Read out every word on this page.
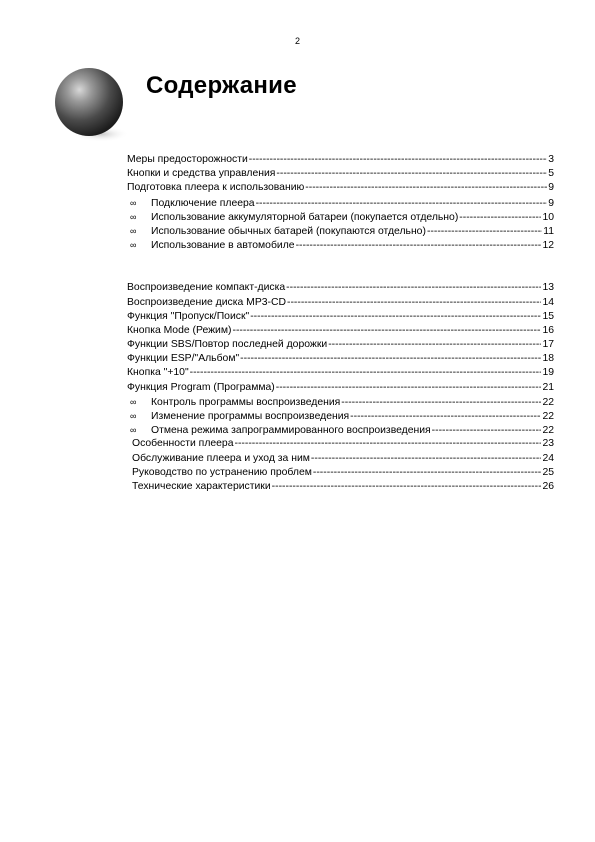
2
Содержание
Меры предосторожности -----	3
Кнопки и средства управления -----	5
Подготовка плеера к использованию -----	9
∞	Подключение плеера -----	9
∞	Использование аккумуляторной батареи (покупается отдельно) -----	10
∞	Использование обычных батарей (покупаются отдельно) -----	11
∞	Использование в автомобиле -----	12
Воспроизведение компакт-диска -----	13
Воспроизведение диска MP3-CD -----	14
Функция "Пропуск/Поиск" -----	15
Кнопка Mode (Режим) -----	16
Функции SBS/Повтор последней дорожки -----	17
Функции ESP/"Альбом" -----	18
Кнопка "+10" -----	19
Функция Program (Программа) -----	21
∞	Контроль программы воспроизведения -----	22
∞	Изменение программы воспроизведения -----	22
∞	Отмена режима запрограммированного воспроизведения -----	22
Особенности плеера -----	23
Обслуживание плеера и уход за ним -----	24
Руководство по устранению проблем -----	25
Технические характеристики -----	26
